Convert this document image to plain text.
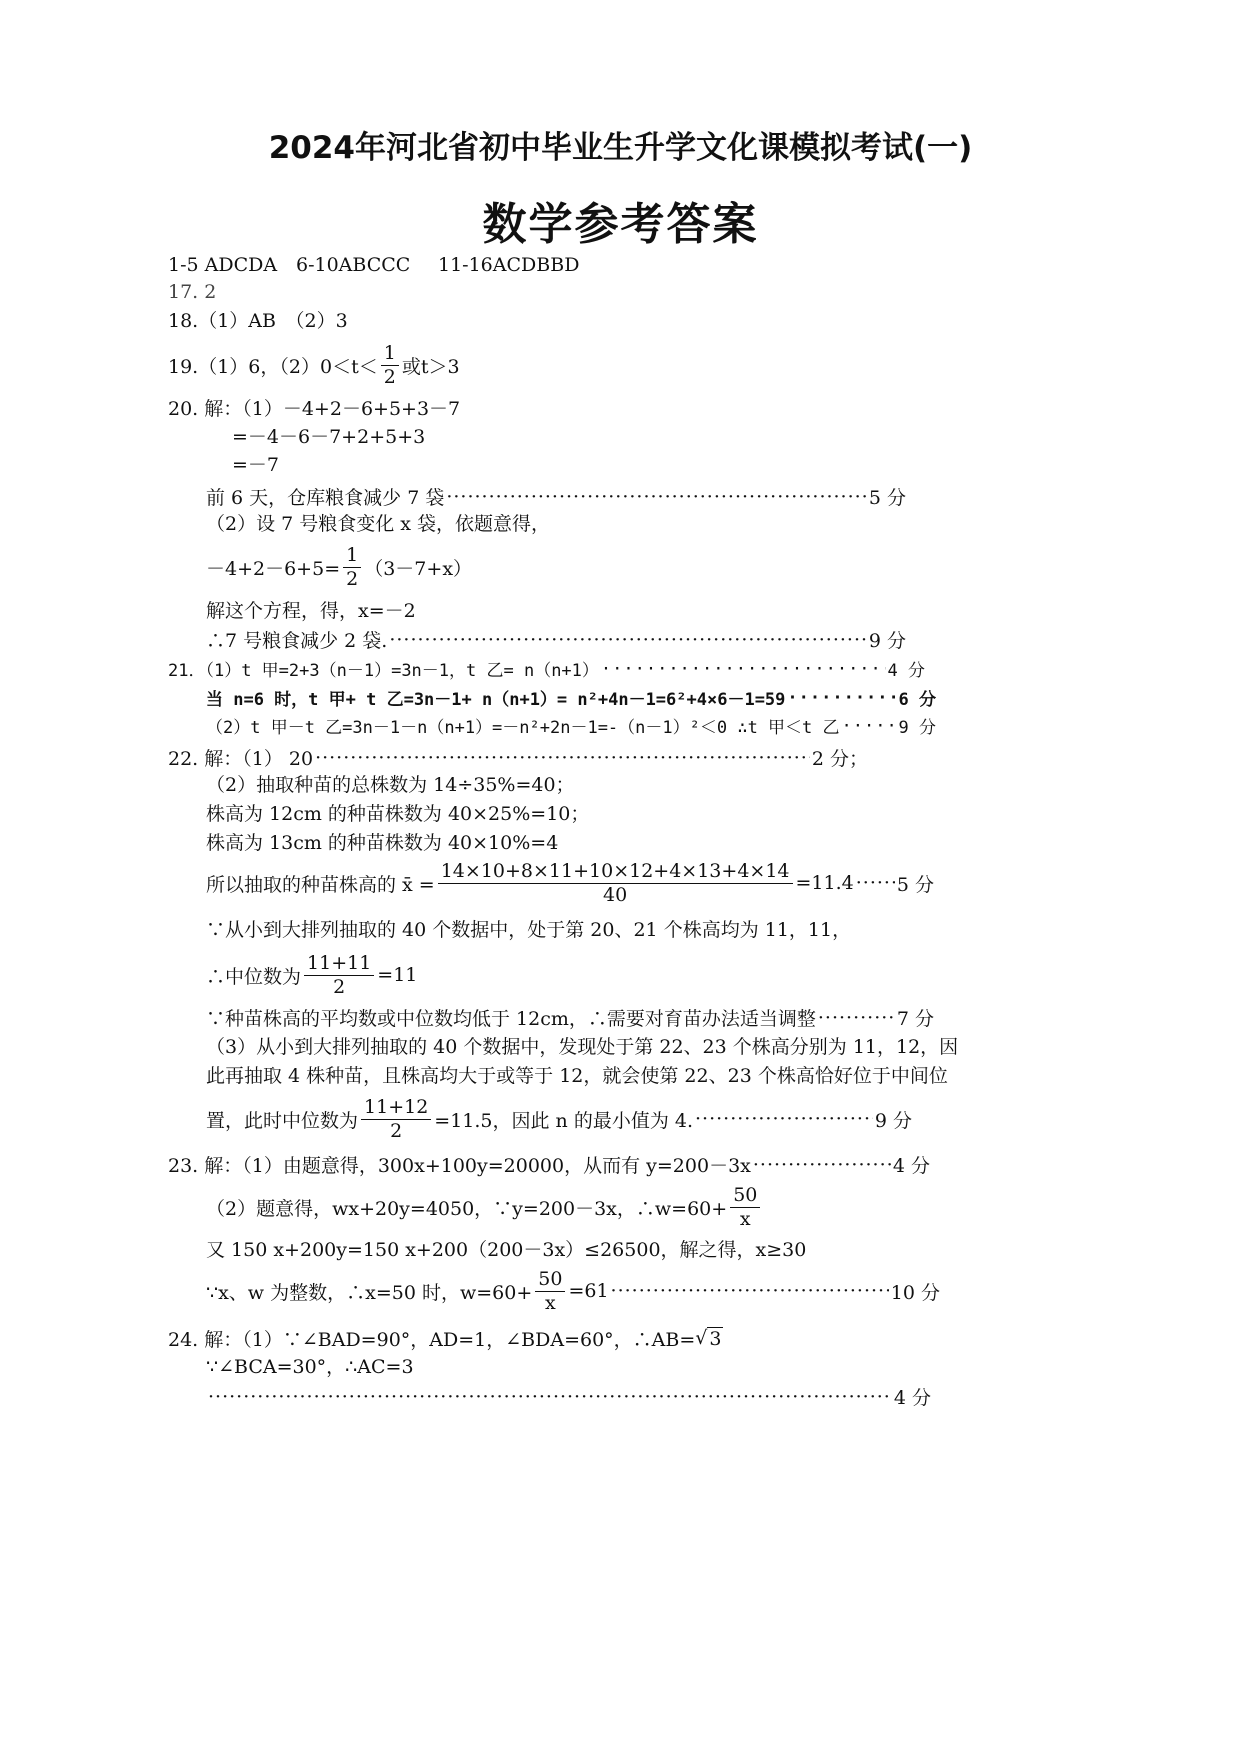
2024年河北省初中毕业生升学文化课模拟考试(一)
数学参考答案
1-5 ADCDA 6-10ABCCC 11-16ACDBBD
17. 2
18.（1）AB　（2）3
19.（1）6，$(2)0<t< \frac{1}{2}$ 或t＞3
20. 解：（1）－4+2－6+5+3－7
=－4－6－7+2+5+3
=－7
前 6 天，仓库粮食减少 7 袋 ·····	5 分
（2）设 7 号粮食变化 x 袋，依题意得，
$-4+2-6+5= \frac{1}{2} (3-7+x)$
解这个方程，得，x=－2
∴7 号粮食减少 2 袋. ·····	9 分
21．（1）t 甲=2+3（n－1）=3n－1，t 乙= n（n+1） ·····	4 分
当 n=6 时，t 甲+ t 乙=3n－1+ n（n+1）= n²+4n－1=6²+4×6－1=59 ·····	6 分
（2）t 甲－t 乙=3n－1－n（n+1）=－n²+2n－1=-（n－1）²＜0 ∴t 甲＜t 乙 ·····	9 分
22. 解：（1） 20 ·····	2 分；
（2）抽取种苗的总株数为 14÷35%=40；
株高为 12cm 的种苗株数为 40×25%=10；
株高为 13cm 的种苗株数为 40×10%=4
所以抽取的种苗株高的 x̄ = $\frac{14\times 10+8\times 11+10\times 12+4\times 13+4\times 14}{40} =11.4$ ····· 5 分
∵从小到大排列抽取的 40 个数据中，处于第 20、21 个株高均为 11，11，
∴中位数为 $\frac{11+11}{2} =11$
∵种苗株高的平均数或中位数均低于 12cm，∴需要对育苗办法适当调整 ·····	7 分
（3）从小到大排列抽取的 40 个数据中，发现处于第 22、23 个株高分别为 11，12，因
此再抽取 4 株种苗，且株高均大于或等于 12，就会使第 22、23 个株高恰好位于中间位
置，此时中位数为 $\frac{11+12}{2} =11.5$，因此 n 的最小值为 4. ·····	9 分
23. 解：（1）由题意得，300x+100y=20000，从而有 y=200－3x ·····	4 分
（2）题意得，wx+20y=4050，∵y=200－3x，∴w=60+ $\frac{50}{x}$
又 150 x+200y=150 x+200（200－3x）≤26500，解之得，x≥30
∵x、w 为整数，∴x=50 时，$w=60+ \frac{50}{x} =61$ ·····	10 分
24. 解：（1）∵∠BAD=90°，AD=1，∠BDA=60°，∴AB= √ 3
∵∠BCA=30°，∴AC=3
·····
4 分
